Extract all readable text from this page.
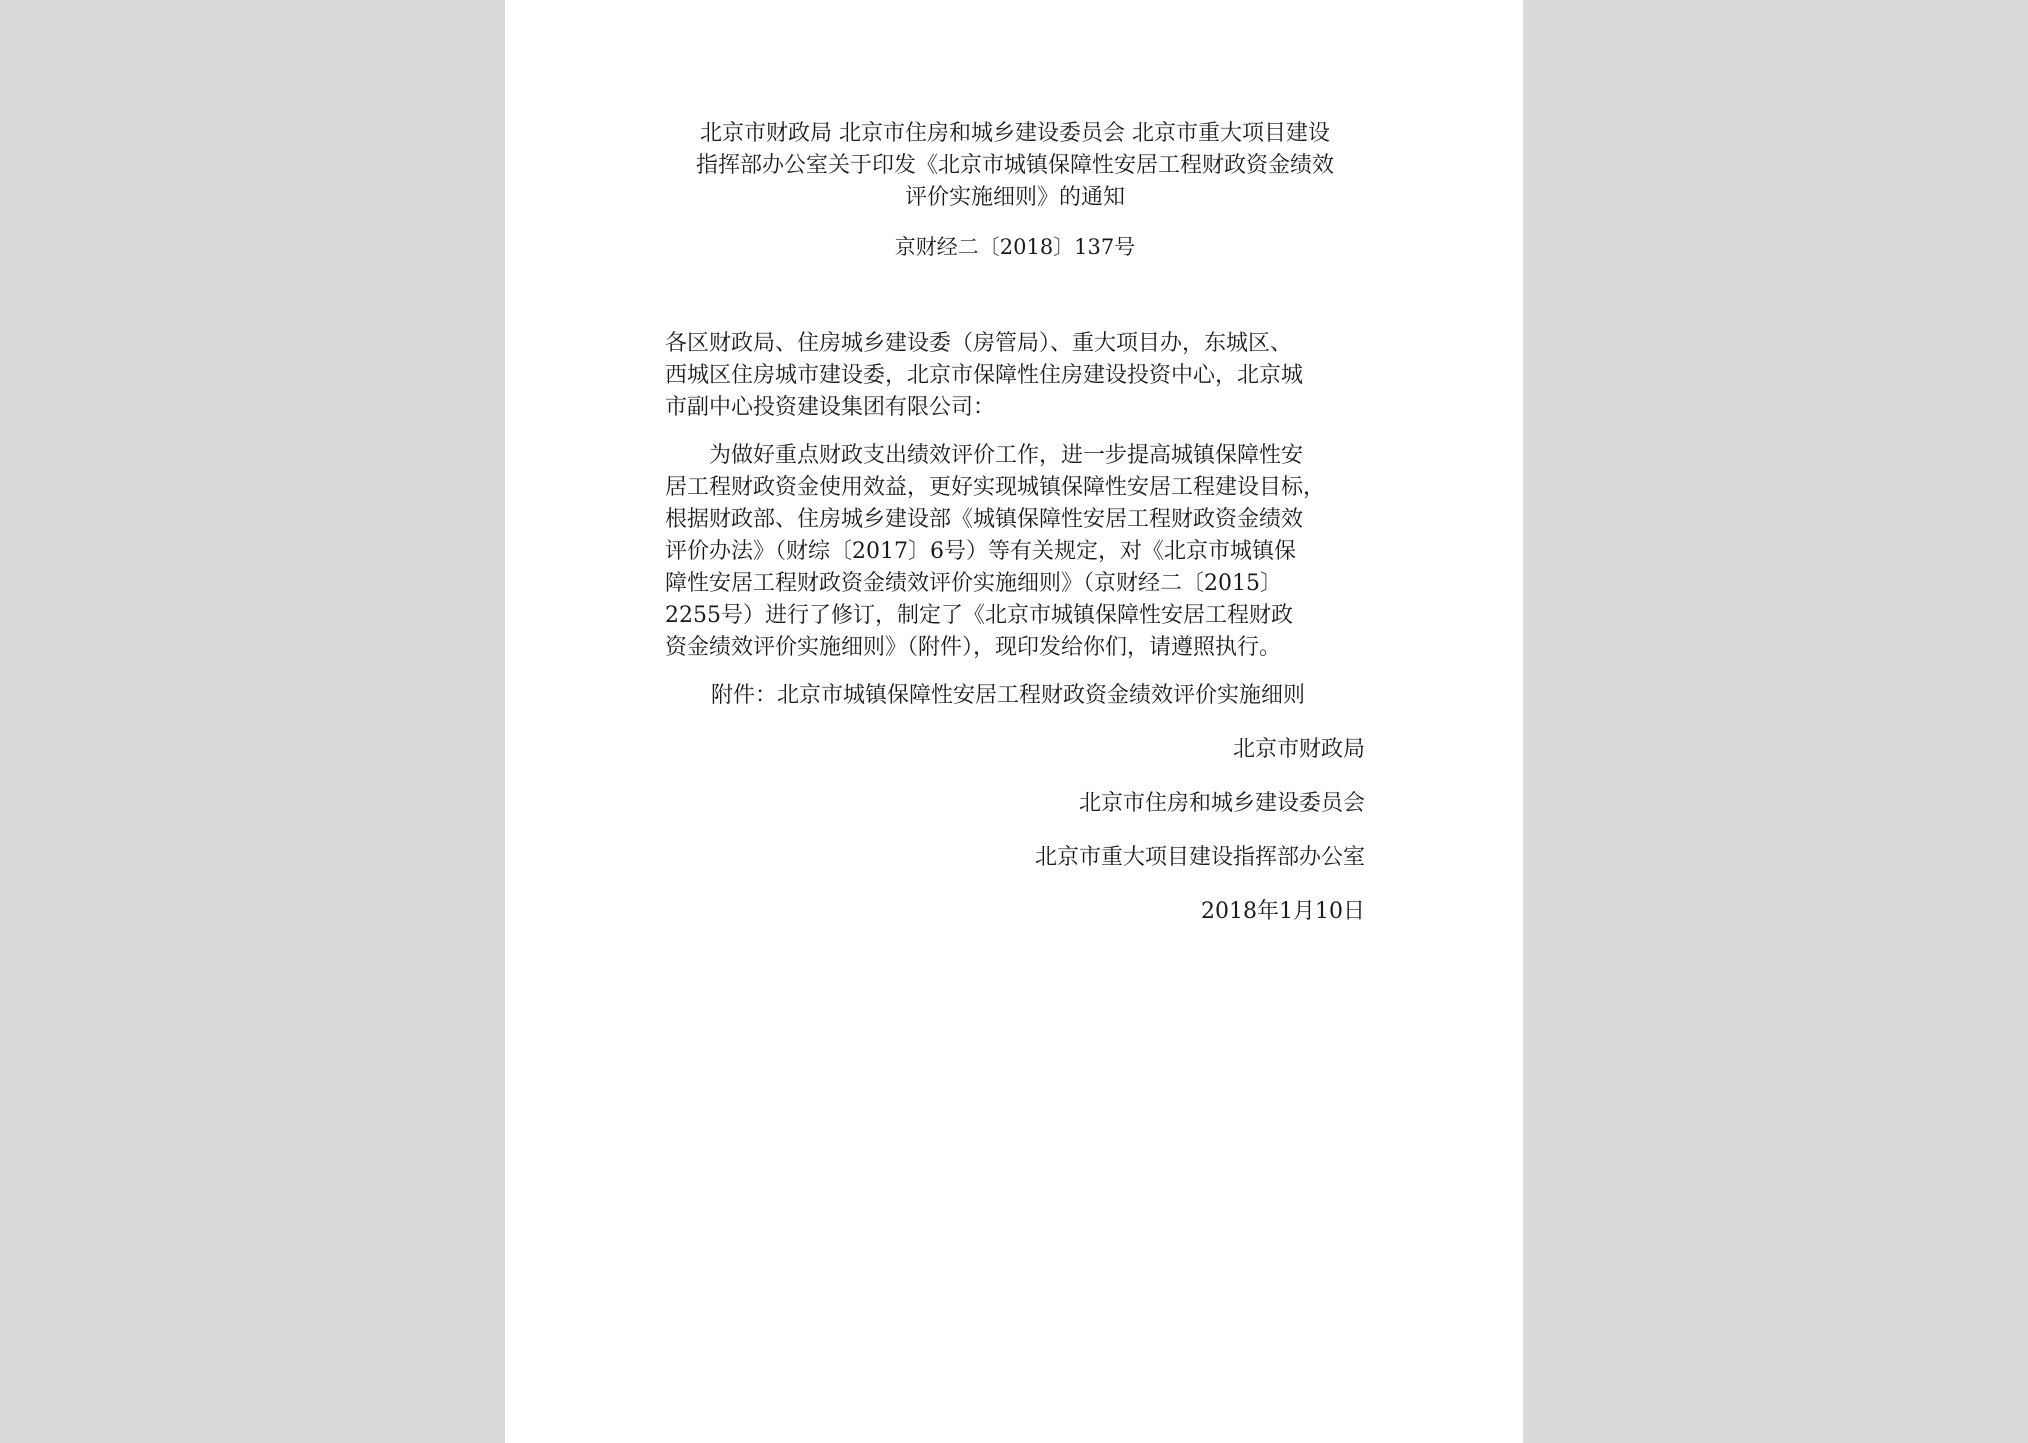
北京市财政局 北京市住房和城乡建设委员会 北京市重大项目建设
指挥部办公室关于印发《北京市城镇保障性安居工程财政资金绩效
评价实施细则》的通知
京财经二〔2018〕137号
各区财政局、住房城乡建设委（房管局）、重大项目办，东城区、
西城区住房城市建设委，北京市保障性住房建设投资中心，北京城
市副中心投资建设集团有限公司：
　　为做好重点财政支出绩效评价工作，进一步提高城镇保障性安
居工程财政资金使用效益，更好实现城镇保障性安居工程建设目标，
根据财政部、住房城乡建设部《城镇保障性安居工程财政资金绩效
评价办法》（财综〔2017〕6号）等有关规定，对《北京市城镇保
障性安居工程财政资金绩效评价实施细则》（京财经二〔2015〕
2255号）进行了修订，制定了《北京市城镇保障性安居工程财政
资金绩效评价实施细则》（附件），现印发给你们，请遵照执行。
附件：北京市城镇保障性安居工程财政资金绩效评价实施细则
北京市财政局
北京市住房和城乡建设委员会
北京市重大项目建设指挥部办公室
2018年1月10日
